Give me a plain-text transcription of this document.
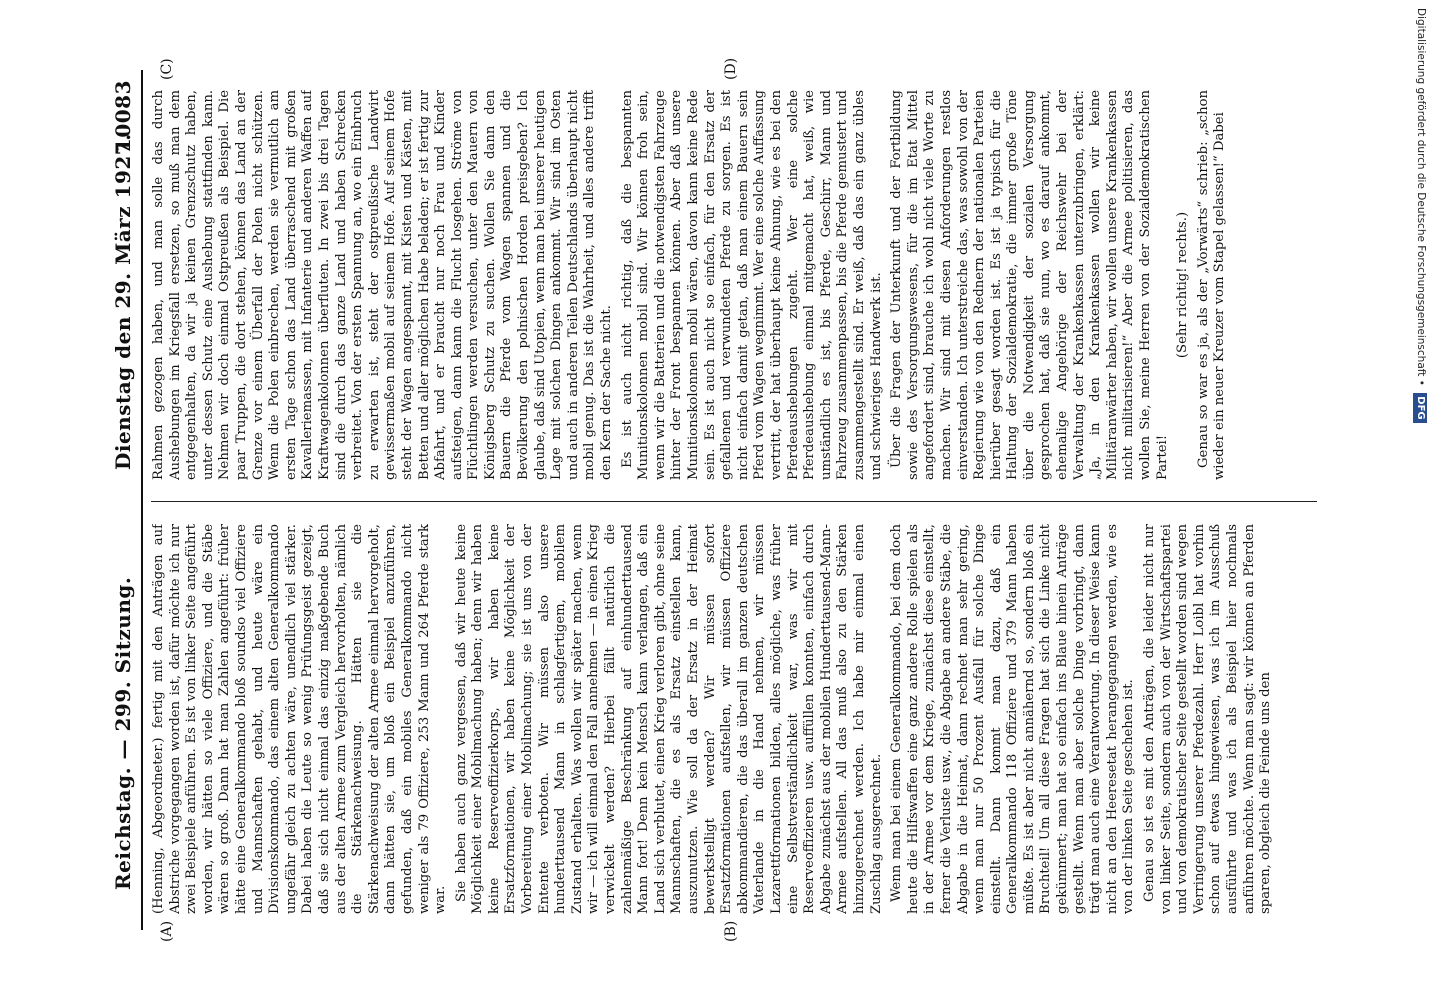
Reichstag. — 299. Sitzung.
Dienstag den 29. März 1927.
10083
(A)	(B)
(C)	(D)

(Henning, Abgeordneter.) fertig mit den Anträgen auf Abstriche vorgegangen worden ist, dafür möchte ich nur zwei Beispiele anführen. Es ist von linker Seite angeführt worden, wir hätten so viele Offiziere, und die Stäbe wären so groß. Dann hat man Zahlen angeführt: früher hätte eine Generalkommando bloß soundso viel Offiziere und Mannschaften gehabt, und heute wäre ein Divisionskommando, das einem alten Generalkommando ungefähr gleich zu achten wäre, unendlich viel stärker. Dabei haben die Leute so wenig Prüfungsgeist gezeigt, daß sie sich nicht einmal das einzig maßgebende Buch aus der alten Armee zum Vergleich hervorholten, nämlich die Stärkenachweisung. Hätten sie die Stärkenachweisung der alten Armee einmal hervorgeholt, dann hätten sie, um bloß ein Beispiel anzuführen, gefunden, daß ein mobiles Generalkommando nicht weniger als 79 Offiziere, 253 Mann und 264 Pferde stark war. Sie haben auch ganz vergessen, daß wir heute keine Möglichkeit einer Mobilmachung haben; denn wir haben keine Reserveoffizierkorps, wir haben keine Ersatzformationen, wir haben keine Möglichkeit der Vorbereitung einer Mobilmachung; sie ist uns von der Entente verboten. Wir müssen also unsere hunderttausend Mann in schlagfertigem, mobilem Zustand erhalten. Was wollen wir später machen, wenn wir — ich will einmal den Fall annehmen — in einen Krieg verwickelt werden? Hierbei fällt natürlich die zahlenmäßige Beschränkung auf einhunderttausend Mann fort! Denn kein Mensch kann verlangen, daß ein Land sich verblutet, einen Krieg verloren gibt, ohne seine Mannschaften, die es als Ersatz einstellen kann, auszunutzen. Wie soll da der Ersatz in der Heimat bewerkstelligt werden? Wir müssen sofort Ersatzformationen aufstellen, wir müssen Offiziere abkommandieren, die das überall im ganzen deutschen Vaterlande in die Hand nehmen, wir müssen Lazarettformationen bilden, alles mögliche, was früher eine Selbstverständlichkeit war, was wir mit Reserveoffizieren usw. auffüllen konnten, einfach durch Abgabe zunächst aus der mobilen Hunderttausend-Mann-Armee aufstellen. All das muß also zu den Stärken hinzugerechnet werden. Ich habe mir einmal einen Zuschlag ausgerechnet. Wenn man bei einem Generalkommando, bei dem doch heute die Hilfswaffen eine ganz andere Rolle spielen als in der Armee vor dem Kriege, zunächst diese einstellt, ferner die Verluste usw., die Abgabe an andere Stäbe, die Abgabe in die Heimat, dann rechnet man sehr gering, wenn man nur 50 Prozent Ausfall für solche Dinge einstellt. Dann kommt man dazu, daß ein Generalkommando 118 Offiziere und 379 Mann haben müßte. Es ist aber nicht annähernd so, sondern bloß ein Bruchteil! Um all diese Fragen hat sich die Linke nicht gekümmert; man hat so einfach ins Blaue hinein Anträge gestellt. Wenn man aber solche Dinge vorbringt, dann trägt man auch eine Verantwortung. In dieser Weise kann nicht an den Heeresetat herangegangen werden, wie es von der linken Seite geschehen ist. Genau so ist es mit den Anträgen, die leider nicht nur von linker Seite, sondern auch von der Wirtschaftspartei und von demokratischer Seite gestellt worden sind wegen Verringerung unserer Pferdezahl. Herr Loibl hat vorhin schon auf etwas hingewiesen, was ich im Ausschuß ausführte und was ich als Beispiel hier nochmals anführen möchte. Wenn man sagt: wir können an Pferden sparen, obgleich die Feinde uns den

Rahmen gezogen haben, und man solle das durch Aushebungen im Kriegsfall ersetzen, so muß man dem entgegenhalten, da wir ja keinen Grenzschutz haben, unter dessen Schutz eine Aushebung stattfinden kann. Nehmen wir doch einmal Ostpreußen als Beispiel. Die paar Truppen, die dort stehen, können das Land an der Grenze vor einem Überfall der Polen nicht schützen. Wenn die Polen einbrechen, werden sie vermutlich am ersten Tage schon das Land überraschend mit großen Kavalleriemassen, mit Infanterie und anderen Waffen auf Kraftwagenkolonnen überfluten. In zwei bis drei Tagen sind die durch das ganze Land und haben Schrecken verbreitet. Von der ersten Spannung an, wo ein Einbruch zu erwarten ist, steht der ostpreußische Landwirt gewissermaßen mobil auf seinem Hofe. Auf seinem Hofe steht der Wagen angespannt, mit Kisten und Kästen, mit Betten und aller möglichen Habe beladen; er ist fertig zur Abfahrt, und er braucht nur noch Frau und Kinder aufsteigen, dann kann die Flucht losgehen. Ströme von Flüchtlingen werden versuchen, unter den Mauern von Königsberg Schutz zu suchen. Wollen Sie dann den Bauern die Pferde vom Wagen spannen und die Bevölkerung den polnischen Horden preisgeben? Ich glaube, daß sind Utopien, wenn man bei unserer heutigen Lage mit solchen Dingen ankommt. Wir sind im Osten und auch in anderen Teilen Deutschlands überhaupt nicht mobil genug. Das ist die Wahrheit, und alles andere trifft den Kern der Sache nicht. Es ist auch nicht richtig, daß die bespannten Munitionskolonnen mobil sind. Wir können froh sein, wenn wir die Batterien und die notwendigsten Fahrzeuge hinter der Front bespannen können. Aber daß unsere Munitionskolonnen mobil wären, davon kann keine Rede sein. Es ist auch nicht so einfach, für den Ersatz der gefallenen und verwundeten Pferde zu sorgen. Es ist nicht einfach damit getan, daß man einem Bauern sein Pferd vom Wagen wegnimmt. Wer eine solche Auffassung vertritt, der hat überhaupt keine Ahnung, wie es bei den Pferdeaushebungen zugeht. Wer eine solche Pferdeaushebung einmal mitgemacht hat, weiß, wie umständlich es ist, bis Pferde, Geschirr, Mann und Fahrzeug zusammenpassen, bis die Pferde gemustert und zusammengestellt sind. Er weiß, daß das ein ganz übles und schwieriges Handwerk ist. Über die Fragen der Unterkunft und der Fortbildung sowie des Versorgungswesens, für die im Etat Mittel angefordert sind, brauche ich wohl nicht viele Worte zu machen. Wir sind mit diesen Anforderungen restlos einverstanden. Ich unterstreiche das, was sowohl von der Regierung wie von den Rednern der nationalen Parteien hierüber gesagt worden ist. Es ist ja typisch für die Haltung der Sozialdemokratie, die immer große Töne über die Notwendigkeit der sozialen Versorgung gesprochen hat, daß sie nun, wo es darauf ankommt, ehemalige Angehörige der Reichswehr bei der Verwaltung der Krankenkassen unterzubringen, erklärt: „Ja, in den Krankenkassen wollen wir keine Militäranwärter haben, wir wollen unsere Krankenkassen nicht militarisieren!“ Aber die Armee politisieren, das wollen Sie, meine Herren von der Sozialdemokratischen Partei!

(Sehr richtig! rechts.) Genau so war es ja, als der „Vorwärts“ schrieb: „schon wieder ein neuer Kreuzer vom Stapel gelassen!“ Dabei	Digitalisierung gefördert durch die Deutsche Forschungsgemeinschaft • DFG
